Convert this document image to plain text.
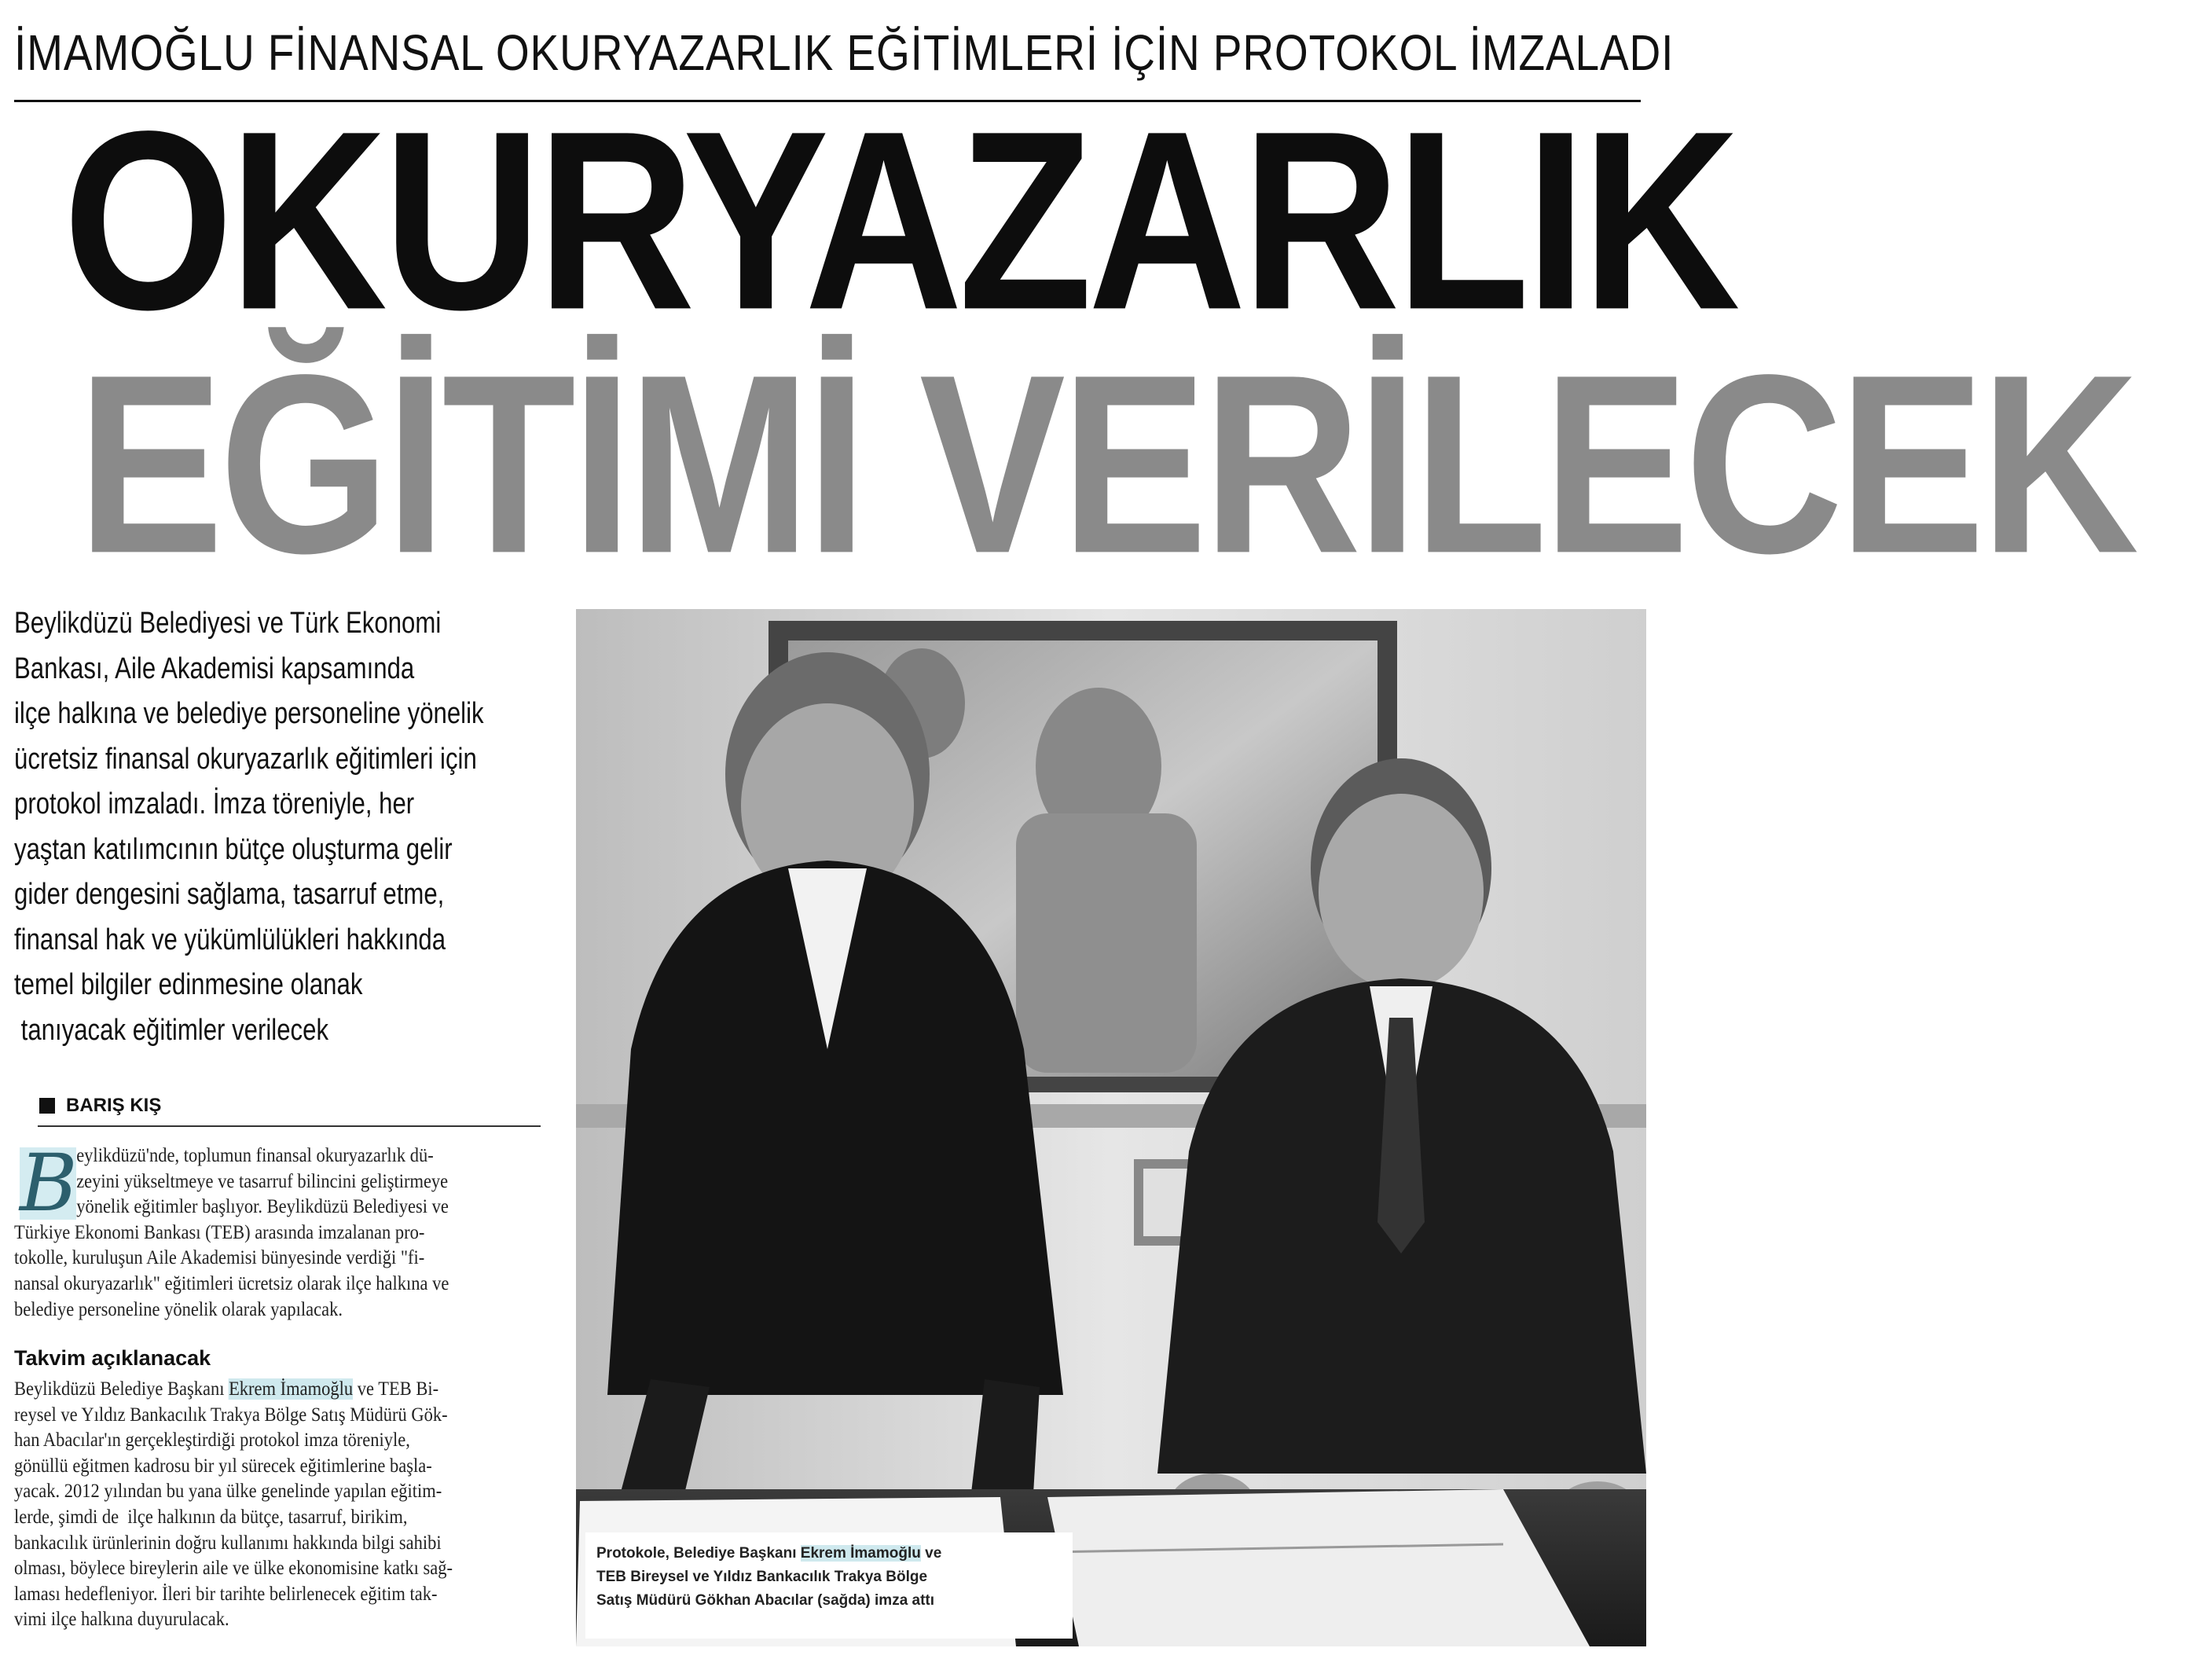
İMAMOĞLU FİNANSAL OKURYAZARLIK EĞİTİMLERİ İÇİN PROTOKOL İMZALADI
OKURYAZARLIK
EĞİTİMİ VERİLECEK
Beylikdüzü Belediyesi ve Türk Ekonomi
Bankası, Aile Akademisi kapsamında
ilçe halkına ve belediye personeline yönelik
ücretsiz finansal okuryazarlık eğitimleri için
protokol imzaladı. İmza töreniyle, her
yaştan katılımcının bütçe oluşturma gelir
gider dengesini sağlama, tasarruf etme,
finansal hak ve yükümlülükleri hakkında
temel bilgiler edinmesine olanak
tanıyacak eğitimler verilecek
BARIŞ KIŞ
B
eylikdüzü'nde, toplumun finansal okuryazarlık dü-
zeyini yükseltmeye ve tasarruf bilincini geliştirmeye
yönelik eğitimler başlıyor. Beylikdüzü Belediyesi ve
Türkiye Ekonomi Bankası (TEB) arasında imzalanan pro-
tokolle, kuruluşun Aile Akademisi bünyesinde verdiği "fi-
nansal okuryazarlık" eğitimleri ücretsiz olarak ilçe halkına ve
belediye personeline yönelik olarak yapılacak.
Takvim açıklanacak
Beylikdüzü Belediye Başkanı Ekrem İmamoğlu ve TEB Bi-
reysel ve Yıldız Bankacılık Trakya Bölge Satış Müdürü Gök-
han Abacılar'ın gerçekleştirdiği protokol imza töreniyle,
gönüllü eğitmen kadrosu bir yıl sürecek eğitimlerine başla-
yacak. 2012 yılından bu yana ülke genelinde yapılan eğitim-
lerde, şimdi de  ilçe halkının da bütçe, tasarruf, birikim,
bankacılık ürünlerinin doğru kullanımı hakkında bilgi sahibi
olması, böylece bireylerin aile ve ülke ekonomisine katkı sağ-
laması hedefleniyor. İleri bir tarihte belirlenecek eğitim tak-
vimi ilçe halkına duyurulacak.
Protokole, Belediye Başkanı Ekrem İmamoğlu ve
TEB Bireysel ve Yıldız Bankacılık Trakya Bölge
Satış Müdürü Gökhan Abacılar (sağda) imza attı
